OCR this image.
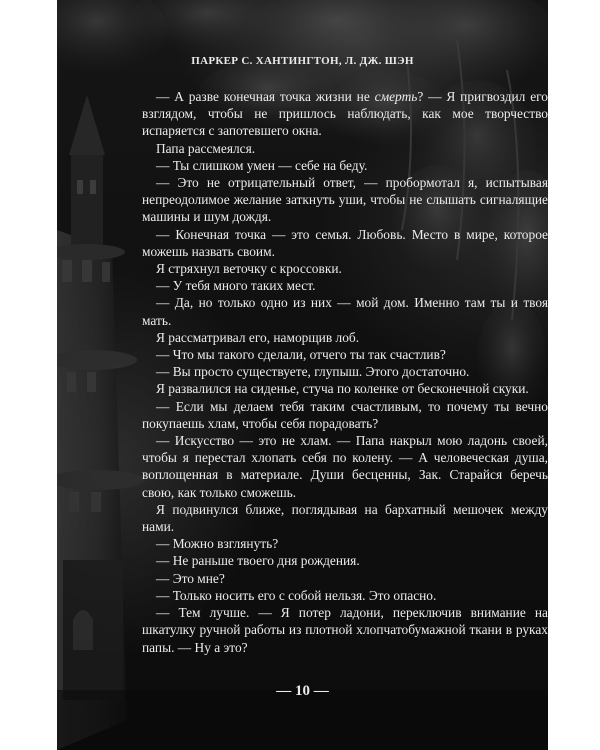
ПАРКЕР С. ХАНТИНГТОН, Л. ДЖ. ШЭН

— А разве конечная точка жизни не смерть? — Я пригвоздил его взглядом, чтобы не пришлось наблюдать, как мое творчество испаряется с запотевшего окна.

Папа рассмеялся.

— Ты слишком умен — себе на беду.

— Это не отрицательный ответ, — пробормотал я, испытывая непреодолимое желание заткнуть уши, чтобы не слышать сигналящие машины и шум дождя.

— Конечная точка — это семья. Любовь. Место в мире, которое можешь назвать своим.

Я стряхнул веточку с кроссовки.

— У тебя много таких мест.

— Да, но только одно из них — мой дом. Именно там ты и твоя мать.

Я рассматривал его, наморщив лоб.

— Что мы такого сделали, отчего ты так счастлив?

— Вы просто существуете, глупыш. Этого достаточно.

Я развалился на сиденье, стуча по коленке от бесконечной скуки.

— Если мы делаем тебя таким счастливым, то почему ты вечно покупаешь хлам, чтобы себя порадовать?

— Искусство — это не хлам. — Папа накрыл мою ладонь своей, чтобы я перестал хлопать себя по колену. — А человеческая душа, воплощенная в материале. Души бесценны, Зак. Старайся беречь свою, как только сможешь.

Я подвинулся ближе, поглядывая на бархатный мешочек между нами.

— Можно взглянуть?

— Не раньше твоего дня рождения.

— Это мне?

— Только носить его с собой нельзя. Это опасно.

— Тем лучше. — Я потер ладони, переключив внимание на шкатулку ручной работы из плотной хлопчатобумажной ткани в руках папы. — Ну а это?

— 10 —
